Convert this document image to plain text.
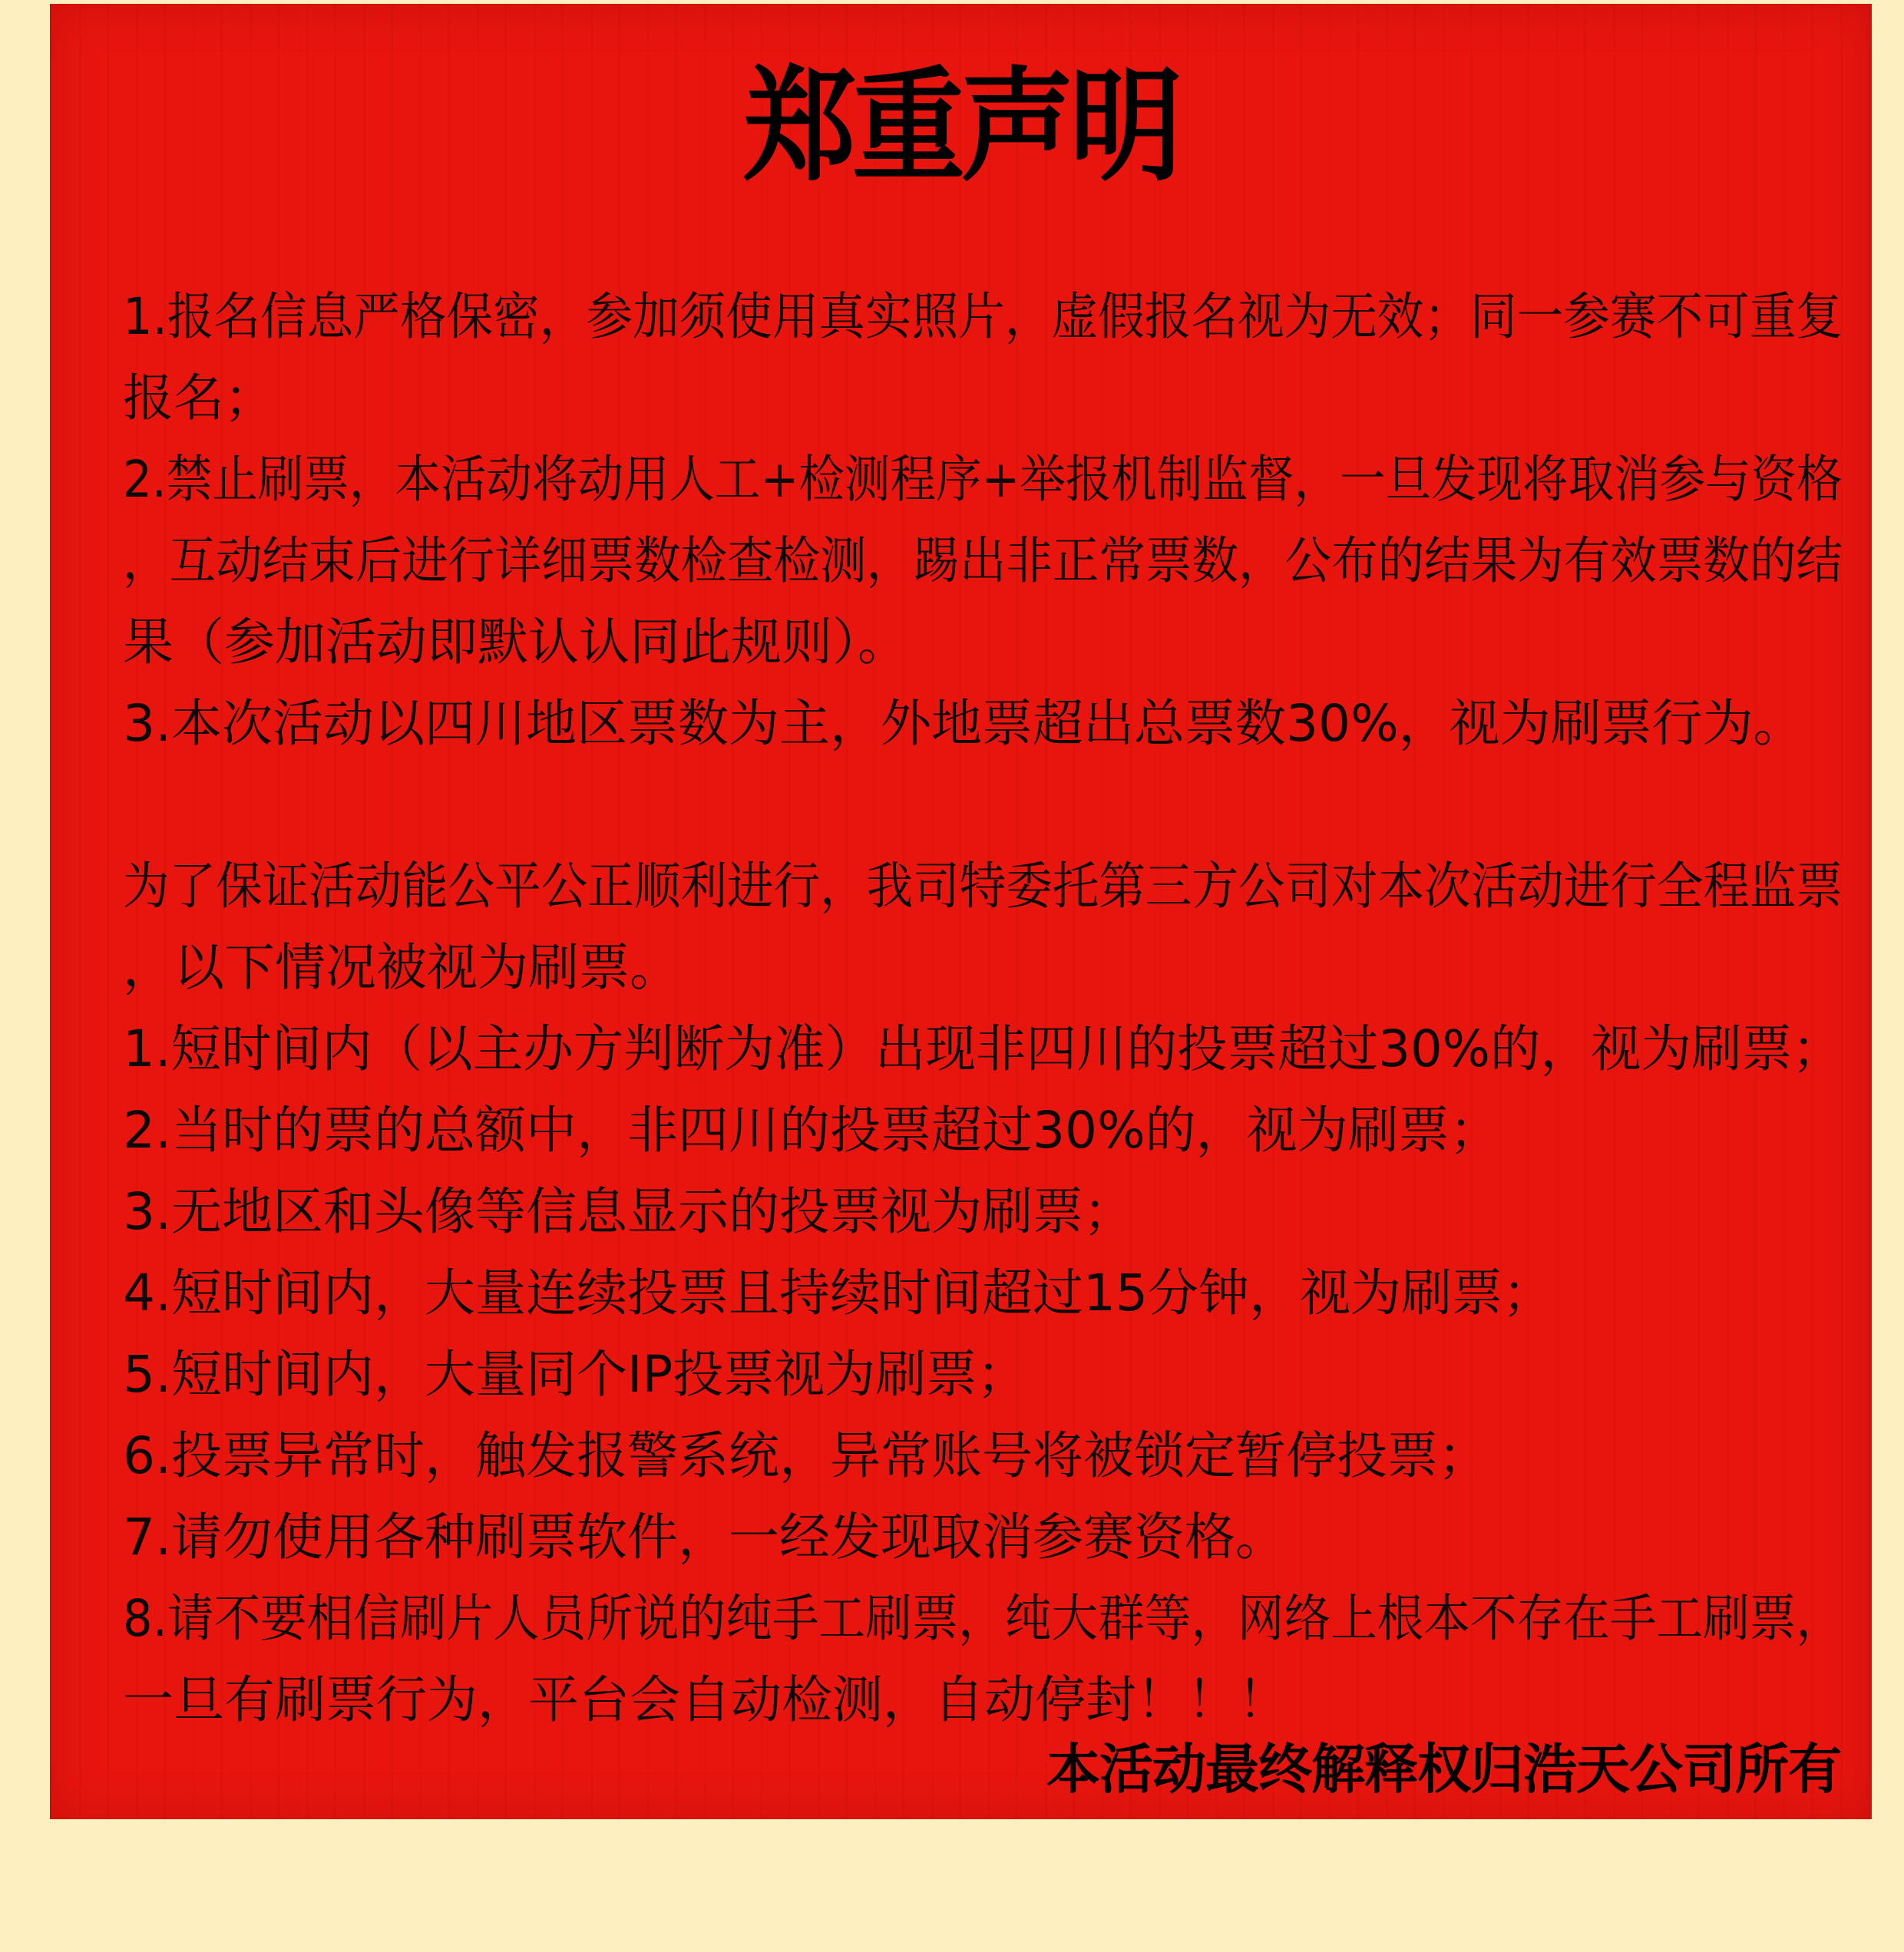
郑重声明
1.报名信息严格保密，参加须使用真实照片，虚假报名视为无效；同一参赛不可重复
报名；
2.禁止刷票，本活动将动用人工+检测程序+举报机制监督，一旦发现将取消参与资格
，互动结束后进行详细票数检查检测，踢出非正常票数，公布的结果为有效票数的结
果（参加活动即默认认同此规则）。
3.本次活动以四川地区票数为主，外地票超出总票数30%，视为刷票行为。
为了保证活动能公平公正顺利进行，我司特委托第三方公司对本次活动进行全程监票
，以下情况被视为刷票。
1.短时间内（以主办方判断为准）出现非四川的投票超过30%的，视为刷票；
2.当时的票的总额中，非四川的投票超过30%的，视为刷票；
3.无地区和头像等信息显示的投票视为刷票；
4.短时间内，大量连续投票且持续时间超过15分钟，视为刷票；
5.短时间内，大量同个IP投票视为刷票；
6.投票异常时，触发报警系统，异常账号将被锁定暂停投票；
7.请勿使用各种刷票软件，一经发现取消参赛资格。
8.请不要相信刷片人员所说的纯手工刷票，纯大群等，网络上根本不存在手工刷票，
一旦有刷票行为，平台会自动检测，自动停封！！！
本活动最终解释权归浩天公司所有
